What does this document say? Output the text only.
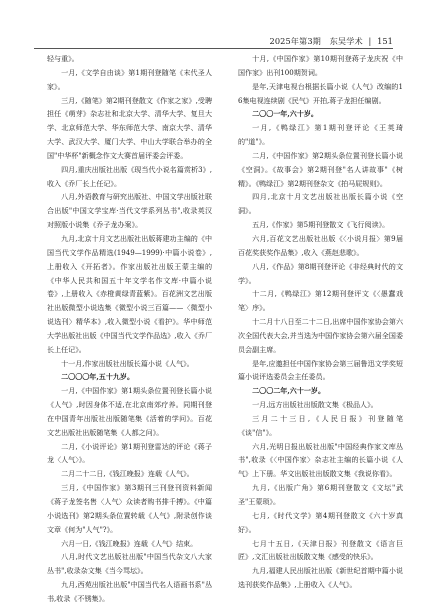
2025年第3期 东吴学术 | 151

轻与重》。

一月,《文学自由谈》第1期刊登随笔《末代圣人家》。

三月,《随笔》第2期刊登散文《作家之家》,受聘担任《萌芽》杂志社和北京大学、清华大学、复旦大学、北京师范大学、华东师范大学、南京大学、清华大学、武汉大学、厦门大学、中山大学联合举办的全国"中华杯"新概念作文大赛首届评委会评委。

四月,重庆出版社出版《现当代小说名篇赏析3》,收入《乔厂长上任记》。

八月,外语教育与研究出版社、中国文学出版社联合出版"中国文学宝库·当代文学系列丛书",收录英汉对照版小说集《乔子龙办案》。

九月,北京十月文艺出版社出版蒋建功主编的《中国当代文学作品精选(1949—1999)·中篇小说卷》,上册收入《开拓者》。作家出版社出版王蒙主编的《中华人民共和国五十年文学名作文库·中篇小说卷》,上册收入《赤橙黄绿青蓝紫》。百花洲文艺出版社出版微型小说选集《微型小说三百篇——〈微型小说选刊〉精华本》,收入微型小说《看护》。华中师范大学出版社出版《中国当代文学作品选》,收入《乔厂长上任记》。

十一月,作家出版社出版长篇小说《人气》。

二〇〇〇年,五十九岁。

一月,《中国作家》第1期头条位置刊登长篇小说《人气》,时因身体不适,在北京南郊疗养。同期刊登在中国青年出版社出版随笔集《活着的学问》。百花文艺出版社出版随笔集《人都之问》。

二月,《小说评论》第1期刊登雷达的评论《蒋子龙〈人气〉》。

二月二十二日,《钱江晚报》连载《人气》。

三月,《中国作家》第3期刊三刊登刊资料新闻《蒋子龙签名售〈人气〉众读者购书排千搏》。《中篇小说选刊》第2期头条位置转载《人气》,附录创作谈文章《何为"人气"?》。

六月一日,《钱江晚报》连载《人气》结束。

八月,时代文艺出版社出版"中国当代杂文八大家丛书",收录杂文集《当今骂坛》。

九月,西苑出版社出版"中国当代名人语画书系"丛书,收录《不锈集》。

十月,《中国作家》第10期刊登蒋子龙庆祝《中国作家》出刊100期贺词。

是年,天津电视台根据长篇小说《人气》改编的16集电视连续剧《民气》开拍,蒋子龙担任编剧。

二〇〇一年,六十岁。

一月,《鸭绿江》第1期刊登评论《王英琦的"道"》。

二月,《中国作家》第2期头条位置刊登长篇小说《空洞》。《故事会》第2期刊登"名人讲故事"《树精》。《鸭绿江》第2期刊登杂文《拍马屁规则》。

四月,北京十月文艺出版社出版长篇小说《空洞》。

五月,《作家》第5期刊登散文《飞行阅读》。

六月,百花文艺出版社出版《〈小说月报〉第9届百花奖获奖作品集》,收入《燕赵悲歌》。

八月,《作品》第8期刊登评论《非经典时代的文学》。

十二月,《鸭绿江》第12期刊登评文《〈愚蠢戏笔〉序》。

十二月十八日至二十二日,出席中国作家协会第六次全国代表大会,并当选为中国作家协会第六届全国委员会副主席。

是年,应邀担任中国作家协会第三届鲁迅文学奖短篇小说评选委员会主任委员。

二〇〇二年,六十一岁。

一月,远方出版社出版散文集《极品人》。

三月二十三日,《人民日报》刊登随笔《谈"信"》。

六月,光明日报出版社出版"中国经典作家文库丛书",收录《〈中国作家〉杂志社主编的长篇小说《人气》上下册。华文出版社出版散文集《我说你看》。

九月,《出版广角》第6期刊登散文《文坛"武圣"王蒙琐》。

七月,《时代文学》第4期刊登散文《六十岁真好》。

七月十五日,《天津日报》刊登散文《语言巨匠》,文汇出版社出版散文集《感受的快乐》。

九月,福建人民出版社出版《新世纪首期中篇小说选刊获奖作品集》,上册收入《人气》。
